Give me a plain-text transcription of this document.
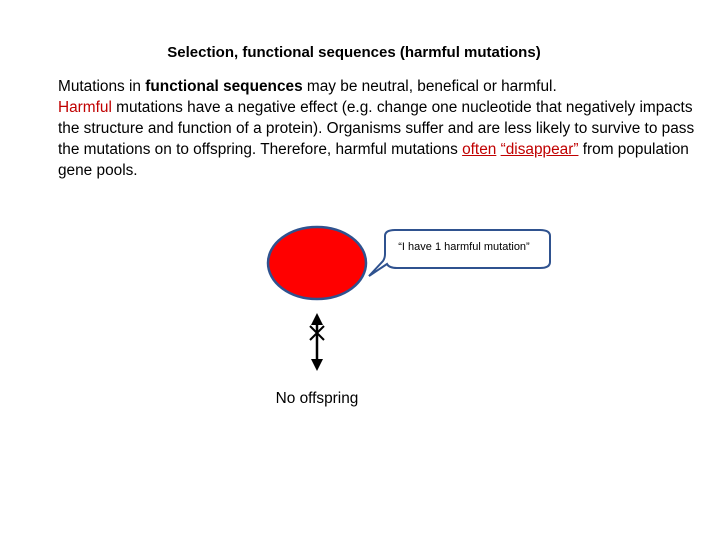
Selection, functional sequences (harmful mutations)
Mutations in functional sequences may be neutral, benefical or harmful.
Harmful mutations have a negative effect (e.g. change one nucleotide that negatively impacts the structure and function of a protein). Organisms suffer and are less likely to survive to pass the mutations on to offspring. Therefore, harmful mutations often “disappear” from population gene pools.
“I have 1 harmful mutation”
No offspring
